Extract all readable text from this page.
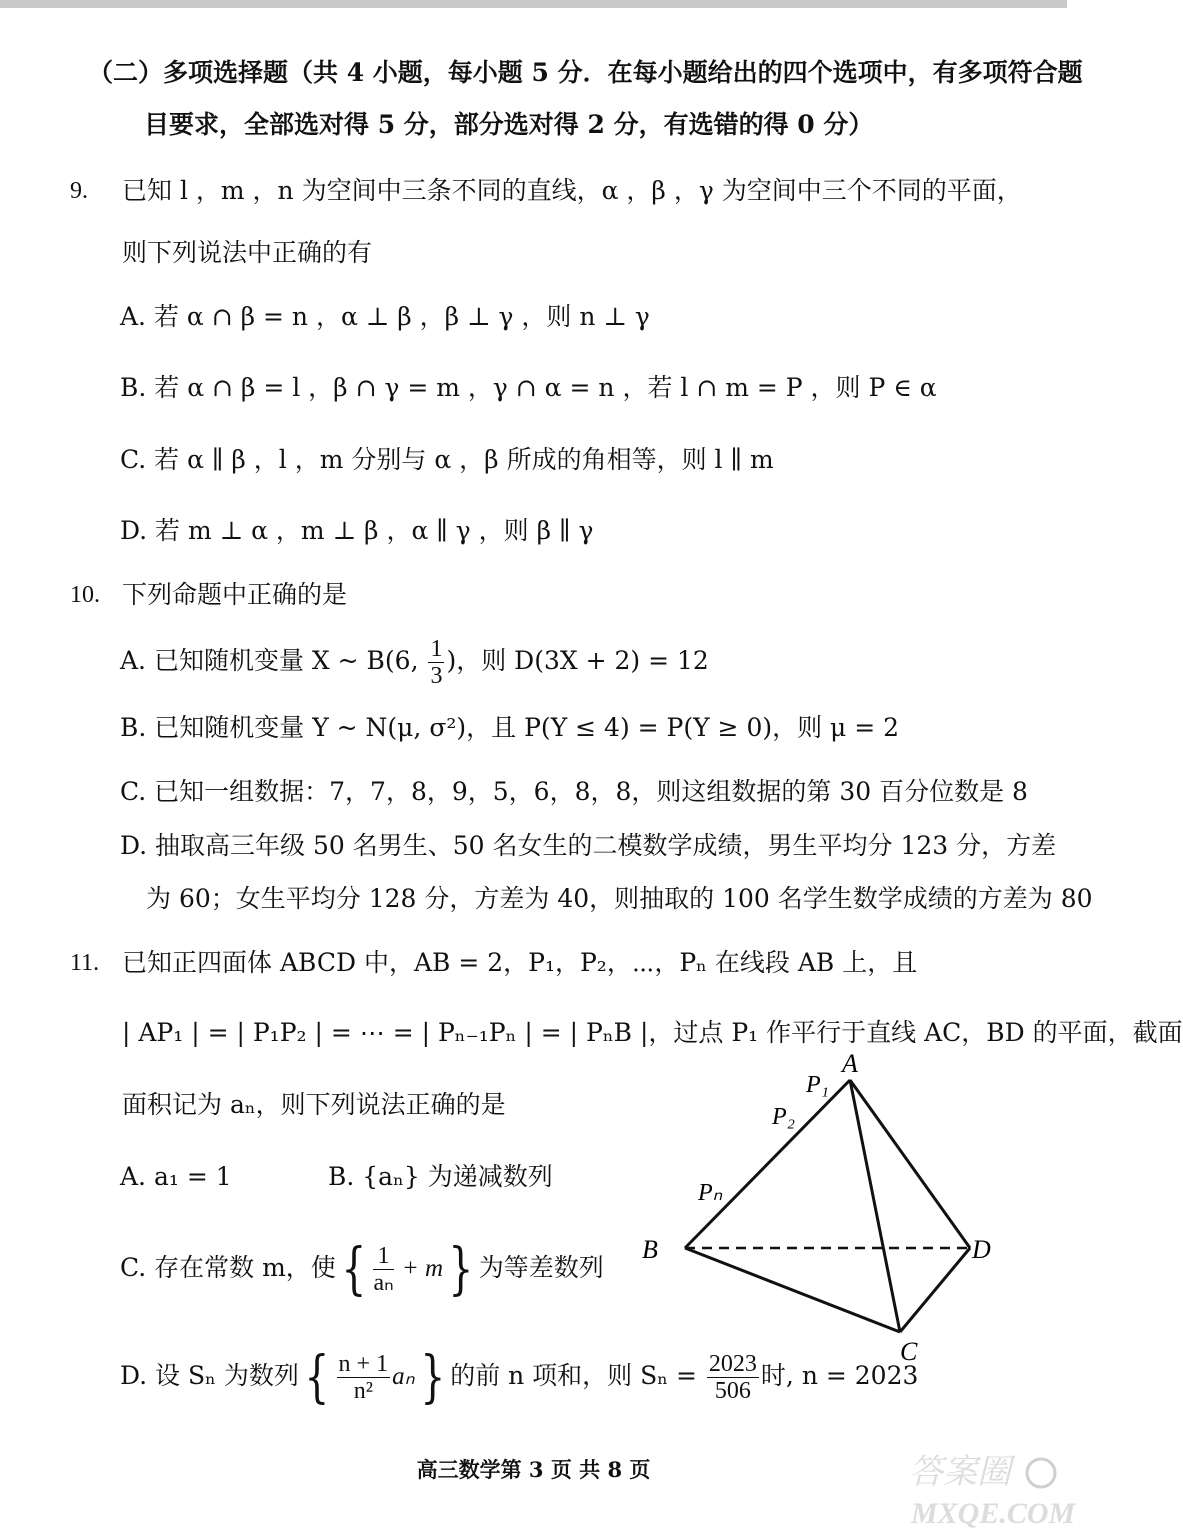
（二）多项选择题（共 4 小题，每小题 5 分．在每小题给出的四个选项中，有多项符合题
目要求，全部选对得 5 分，部分选对得 2 分，有选错的得 0 分）
9. 已知 l ，m ，n 为空间中三条不同的直线，α ，β ，γ 为空间中三个不同的平面，
则下列说法中正确的有
A. 若 α ∩ β = n ，α ⊥ β ，β ⊥ γ ，则 n ⊥ γ
B. 若 α ∩ β = l ，β ∩ γ = m ，γ ∩ α = n ，若 l ∩ m = P ，则 P ∈ α
C. 若 α ∥ β ，l ，m 分别与 α ，β 所成的角相等，则 l ∥ m
D. 若 m ⊥ α ，m ⊥ β ，α ∥ γ ，则 β ∥ γ
10. 下列命题中正确的是
A. 已知随机变量 X ~ B(6, $\frac{1}{3}$ )，则 D(3X + 2) = 12
B. 已知随机变量 Y ~ N(μ, σ²)，且 P(Y ≤ 4) = P(Y ≥ 0)，则 μ = 2
C. 已知一组数据：7，7，8，9，5，6，8，8，则这组数据的第 30 百分位数是 8
D. 抽取高三年级 50 名男生、50 名女生的二模数学成绩，男生平均分 123 分，方差
为 60；女生平均分 128 分，方差为 40，则抽取的 100 名学生数学成绩的方差为 80
11. 已知正四面体 ABCD 中，AB = 2，P₁，P₂，⋯，Pₙ 在线段 AB 上，且
| AP₁ | = | P₁P₂ | = ⋯ = | Pₙ₋₁Pₙ | = | PₙB |，过点 P₁ 作平行于直线 AC，BD 的平面，截面
面积记为 aₙ，则下列说法正确的是
A. a₁ = 1	B. {aₙ} 为递减数列
C. 存在常数 m，使{ $\frac{1}{\text{aₙ}} + m$} 为等差数列
D. 设 Sₙ 为数列{ $\frac{n + 1}{\text{n²}} a_n$} 的前 n 项和，则 $S_n = \frac{2023}{506}$ 时, n = 2023
A
B
C
D
P₁
P₂
Pₙ
高三数学第 3 页 共 8 页	答案圈
MXQE.COM
